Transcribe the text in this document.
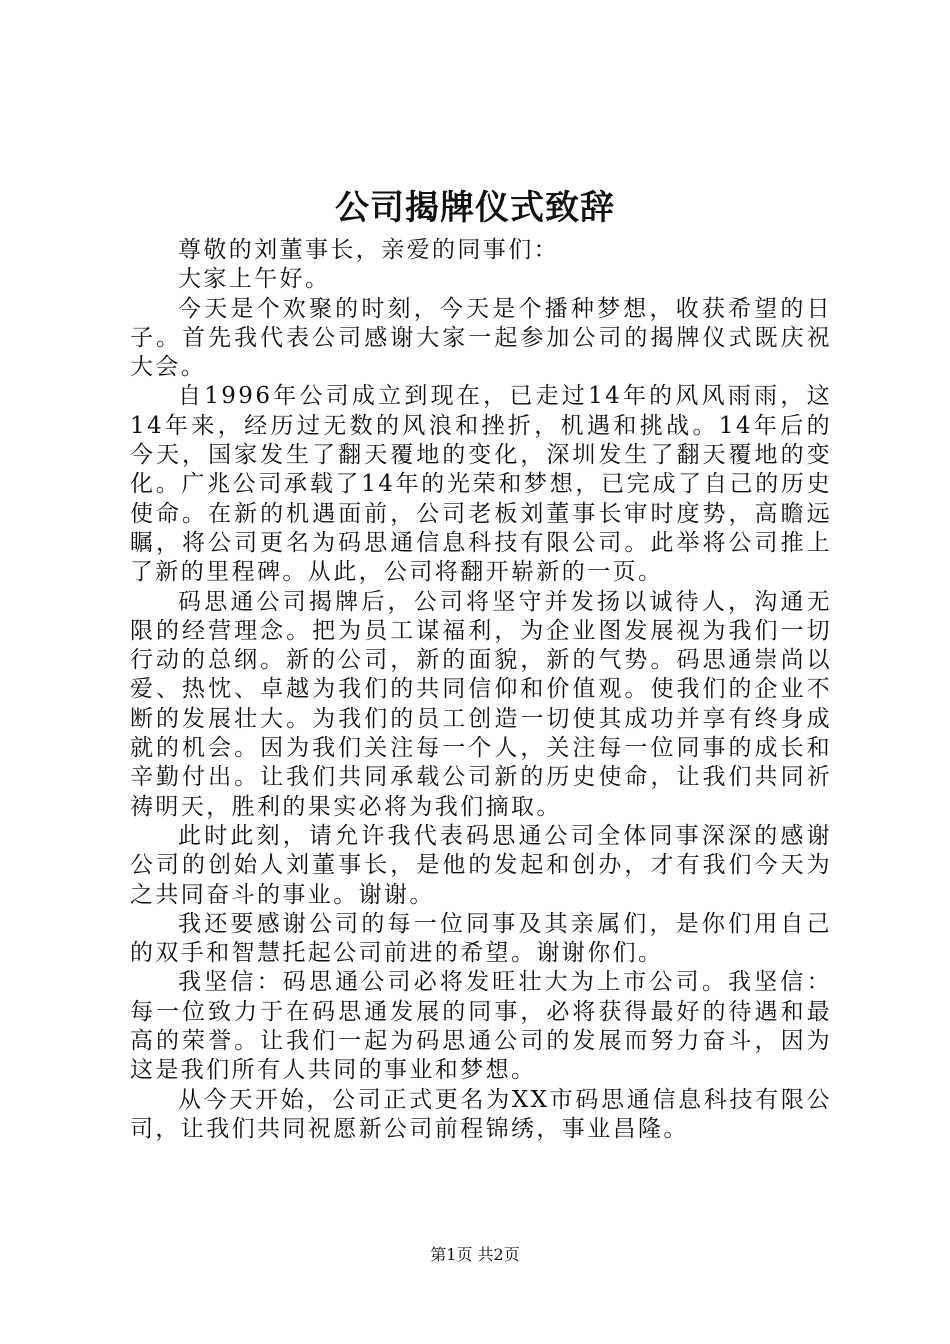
公司揭牌仪式致辞

尊敬的刘董事长，亲爱的同事们：

大家上午好。

今天是个欢聚的时刻，今天是个播种梦想，收获希望的日子。首先我代表公司感谢大家一起参加公司的揭牌仪式既庆祝大会。

自1996年公司成立到现在，已走过14年的风风雨雨，这14年来，经历过无数的风浪和挫折，机遇和挑战。14年后的今天，国家发生了翻天覆地的变化，深圳发生了翻天覆地的变化。广兆公司承载了14年的光荣和梦想，已完成了自己的历史使命。在新的机遇面前，公司老板刘董事长审时度势，高瞻远瞩，将公司更名为码思通信息科技有限公司。此举将公司推上了新的里程碑。从此，公司将翻开崭新的一页。

码思通公司揭牌后，公司将坚守并发扬以诚待人，沟通无限的经营理念。把为员工谋福利，为企业图发展视为我们一切行动的总纲。新的公司，新的面貌，新的气势。码思通崇尚以爱、热忱、卓越为我们的共同信仰和价值观。使我们的企业不断的发展壮大。为我们的员工创造一切使其成功并享有终身成就的机会。因为我们关注每一个人，关注每一位同事的成长和辛勤付出。让我们共同承载公司新的历史使命，让我们共同祈祷明天，胜利的果实必将为我们摘取。

此时此刻，请允许我代表码思通公司全体同事深深的感谢公司的创始人刘董事长，是他的发起和创办，才有我们今天为之共同奋斗的事业。谢谢。

我还要感谢公司的每一位同事及其亲属们，是你们用自己的双手和智慧托起公司前进的希望。谢谢你们。

我坚信：码思通公司必将发旺壮大为上市公司。我坚信：每一位致力于在码思通发展的同事，必将获得最好的待遇和最高的荣誉。让我们一起为码思通公司的发展而努力奋斗，因为这是我们所有人共同的事业和梦想。

从今天开始，公司正式更名为XX市码思通信息科技有限公司，让我们共同祝愿新公司前程锦绣，事业昌隆。

第1页 共2页
